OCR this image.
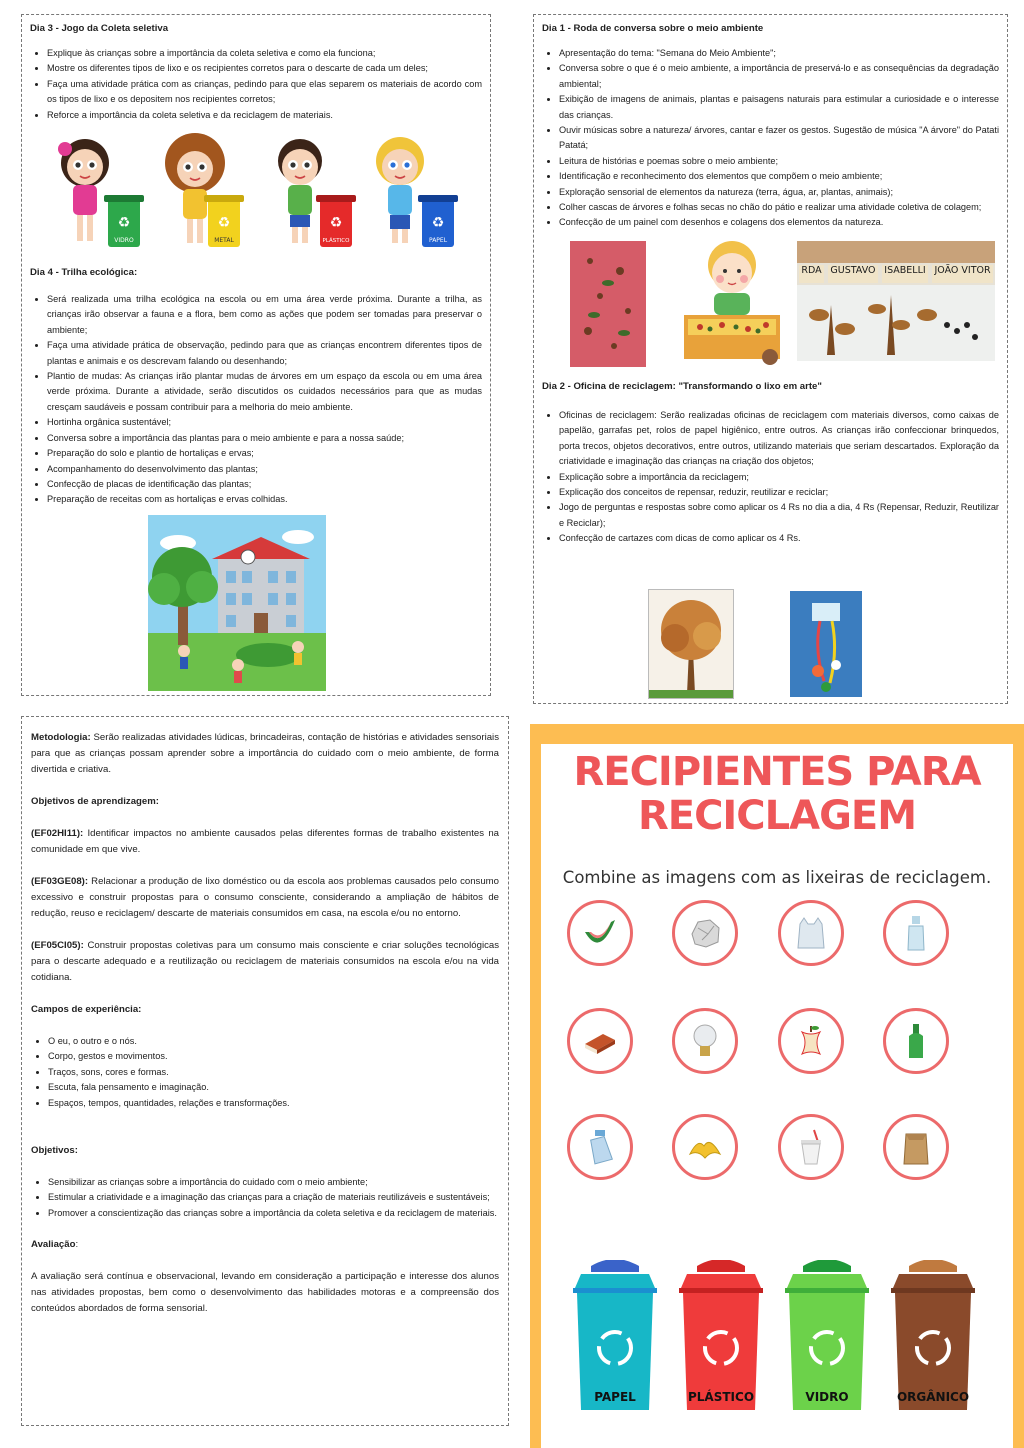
Dia 3 - Jogo da Coleta seletiva
• Explique às crianças sobre a importância da coleta seletiva e como ela funciona;
• Mostre os diferentes tipos de lixo e os recipientes corretos para o descarte de cada um deles;
• Faça uma atividade prática com as crianças, pedindo para que elas separem os materiais de acordo com os tipos de lixo e os depositem nos recipientes corretos;
• Reforce a importância da coleta seletiva e da reciclagem de materiais.
VIDRO
♻
METAL
♻
PLÁSTICO
♻
PAPEL
♻
Dia 4 - Trilha ecológica:
• Será realizada uma trilha ecológica na escola ou em uma área verde próxima. Durante a trilha, as crianças irão observar a fauna e a flora, bem como as ações que podem ser tomadas para preservar o ambiente;
• Faça uma atividade prática de observação, pedindo para que as crianças encontrem diferentes tipos de plantas e animais e os descrevam falando ou desenhando;
• Plantio de mudas: As crianças irão plantar mudas de árvores em um espaço da escola ou em uma área verde próxima. Durante a atividade, serão discutidos os cuidados necessários para que as mudas cresçam saudáveis e possam contribuir para a melhoria do meio ambiente.
• Hortinha orgânica sustentável;
• Conversa sobre a importância das plantas para o meio ambiente e para a nossa saúde;
• Preparação do solo e plantio de hortaliças e ervas;
• Acompanhamento do desenvolvimento das plantas;
• Confecção de placas de identificação das plantas;
• Preparação de receitas com as hortaliças e ervas colhidas.
Dia 1 - Roda de conversa sobre o meio ambiente
• Apresentação do tema: "Semana do Meio Ambiente";
• Conversa sobre o que é o meio ambiente, a importância de preservá-lo e as consequências da degradação ambiental;
• Exibição de imagens de animais, plantas e paisagens naturais para estimular a curiosidade e o interesse das crianças.
• Ouvir músicas sobre a natureza/ árvores, cantar e fazer os gestos. Sugestão de música "A árvore" do Patati Patatá;
• Leitura de histórias e poemas sobre o meio ambiente;
• Identificação e reconhecimento dos elementos que compõem o meio ambiente;
• Exploração sensorial de elementos da natureza (terra, água, ar, plantas, animais);
• Colher cascas de árvores e folhas secas no chão do pátio e realizar uma atividade coletiva de colagem;
• Confecção de um painel com desenhos e colagens dos elementos da natureza.
RDA GUSTAVO ISABELLI JOÃO VITOR
Dia 2 - Oficina de reciclagem: "Transformando o lixo em arte"
• Oficinas de reciclagem: Serão realizadas oficinas de reciclagem com materiais diversos, como caixas de papelão, garrafas pet, rolos de papel higiênico, entre outros. As crianças irão confeccionar brinquedos, porta trecos, objetos decorativos, entre outros, utilizando materiais que seriam descartados. Exploração da criatividade e imaginação das crianças na criação dos objetos;
• Explicação sobre a importância da reciclagem;
• Explicação dos conceitos de repensar, reduzir, reutilizar e reciclar;
• Jogo de perguntas e respostas sobre como aplicar os 4 Rs no dia a dia, 4 Rs (Repensar, Reduzir, Reutilizar e Reciclar);
• Confecção de cartazes com dicas de como aplicar os 4 Rs.

Metodologia: Serão realizadas atividades lúdicas, brincadeiras, contação de histórias e atividades sensoriais para que as crianças possam aprender sobre a importância do cuidado com o meio ambiente, de forma divertida e criativa.

Objetivos de aprendizagem:

(EF02HI11): Identificar impactos no ambiente causados pelas diferentes formas de trabalho existentes na comunidade em que vive.

(EF03GE08): Relacionar a produção de lixo doméstico ou da escola aos problemas causados pelo consumo excessivo e construir propostas para o consumo consciente, considerando a ampliação de hábitos de redução, reuso e reciclagem/ descarte de materiais consumidos em casa, na escola e/ou no entorno.

(EF05CI05): Construir propostas coletivas para um consumo mais consciente e criar soluções tecnológicas para o descarte adequado e a reutilização ou reciclagem de materiais consumidos na escola e/ou na vida cotidiana.

Campos de experiência:

• O eu, o outro e o nós.
• Corpo, gestos e movimentos.
• Traços, sons, cores e formas.
• Escuta, fala pensamento e imaginação.
• Espaços, tempos, quantidades, relações e transformações.

Objetivos:

• Sensibilizar as crianças sobre a importância do cuidado com o meio ambiente;
• Estimular a criatividade e a imaginação das crianças para a criação de materiais reutilizáveis e sustentáveis;
• Promover a conscientização das crianças sobre a importância da coleta seletiva e da reciclagem de materiais.

Avaliação:

A avaliação será contínua e observacional, levando em consideração a participação e interesse dos alunos nas atividades propostas, bem como o desenvolvimento das habilidades motoras e a compreensão dos conteúdos abordados de forma sensorial.

RECIPIENTES PARA
RECICLAGEM
Combine as imagens com as lixeiras de reciclagem.
PAPEL	PLÁSTICO	VIDRO	ORGÂNICO
